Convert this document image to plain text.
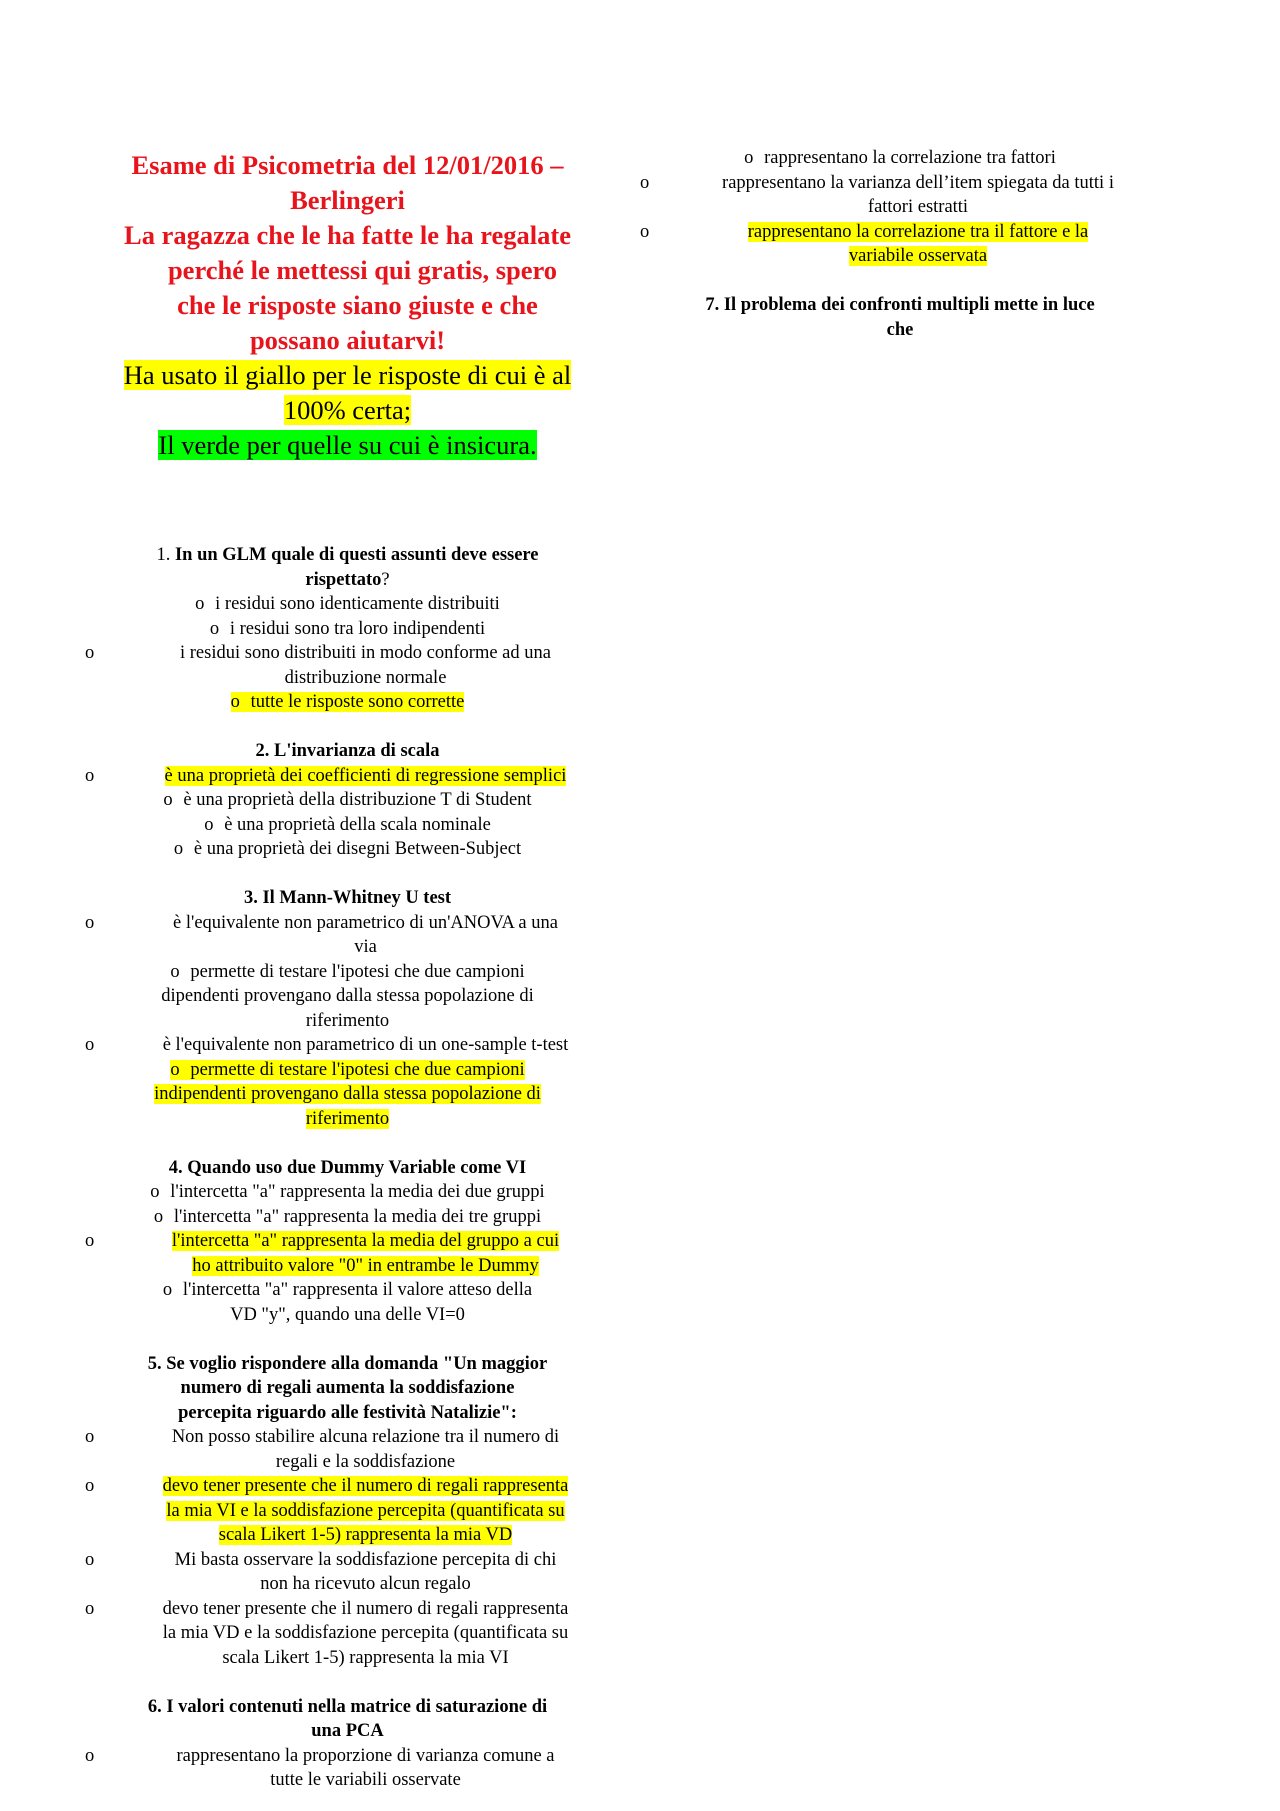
Esame di Psicometria del 12/01/2016 –
Berlingeri
La ragazza che le ha fatte le ha regalate
perché le mettessi qui gratis, spero
che le risposte siano giuste e che
possano aiutarvi!
Ha usato il giallo per le risposte di cui è al
100% certa;
Il verde per quelle su cui è insicura.
1. In un GLM quale di questi assunti deve essere
rispettato?
o i residui sono identicamente distribuiti
o i residui sono tra loro indipendenti
o	i residui sono distribuiti in modo conforme ad una
distribuzione normale
o tutte le risposte sono corrette
2. L'invarianza di scala
o	è una proprietà dei coefficienti di regressione semplici
o è una proprietà della distribuzione T di Student
o è una proprietà della scala nominale
o è una proprietà dei disegni Between-Subject
3. Il Mann-Whitney U test
o	è l'equivalente non parametrico di un'ANOVA a una
via
o permette di testare l'ipotesi che due campioni
dipendenti provengano dalla stessa popolazione di
riferimento
o	è l'equivalente non parametrico di un one-sample t-test
o permette di testare l'ipotesi che due campioni
indipendenti provengano dalla stessa popolazione di
riferimento
4. Quando uso due Dummy Variable come VI
o l'intercetta "a" rappresenta la media dei due gruppi
o l'intercetta "a" rappresenta la media dei tre gruppi
o	l'intercetta "a" rappresenta la media del gruppo a cui
ho attribuito valore "0" in entrambe le Dummy
o l'intercetta "a" rappresenta il valore atteso della
VD "y", quando una delle VI=0
5. Se voglio rispondere alla domanda "Un maggior
numero di regali aumenta la soddisfazione
percepita riguardo alle festività Natalizie":
o	Non posso stabilire alcuna relazione tra il numero di
regali e la soddisfazione
o	devo tener presente che il numero di regali rappresenta
la mia VI e la soddisfazione percepita (quantificata su
scala Likert 1-5) rappresenta la mia VD
o	Mi basta osservare la soddisfazione percepita di chi
non ha ricevuto alcun regalo
o	devo tener presente che il numero di regali rappresenta
la mia VD e la soddisfazione percepita (quantificata su
scala Likert 1-5) rappresenta la mia VI
6. I valori contenuti nella matrice di saturazione di
una PCA
o	rappresentano la proporzione di varianza comune a
tutte le variabili osservate
o rappresentano la correlazione tra fattori
o	rappresentano la varianza dell’item spiegata da tutti i
fattori estratti
o	rappresentano la correlazione tra il fattore e la
variabile osservata
7. Il problema dei confronti multipli mette in luce
che
